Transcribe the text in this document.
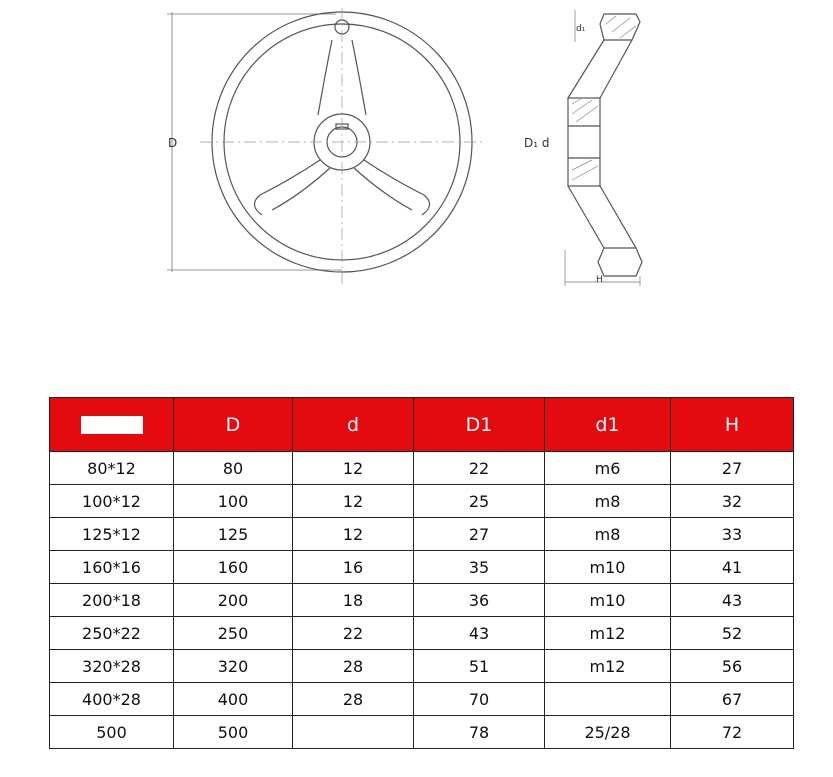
D
d₁
D₁ d
H
	D	d	D1	d1	H
80*12	80	12	22	m6	27
100*12	100	12	25	m8	32
125*12	125	12	27	m8	33
160*16	160	16	35	m10	41
200*18	200	18	36	m10	43
250*22	250	22	43	m12	52
320*28	320	28	51	m12	56
400*28	400	28	70		67
500	500		78	25/28	72
